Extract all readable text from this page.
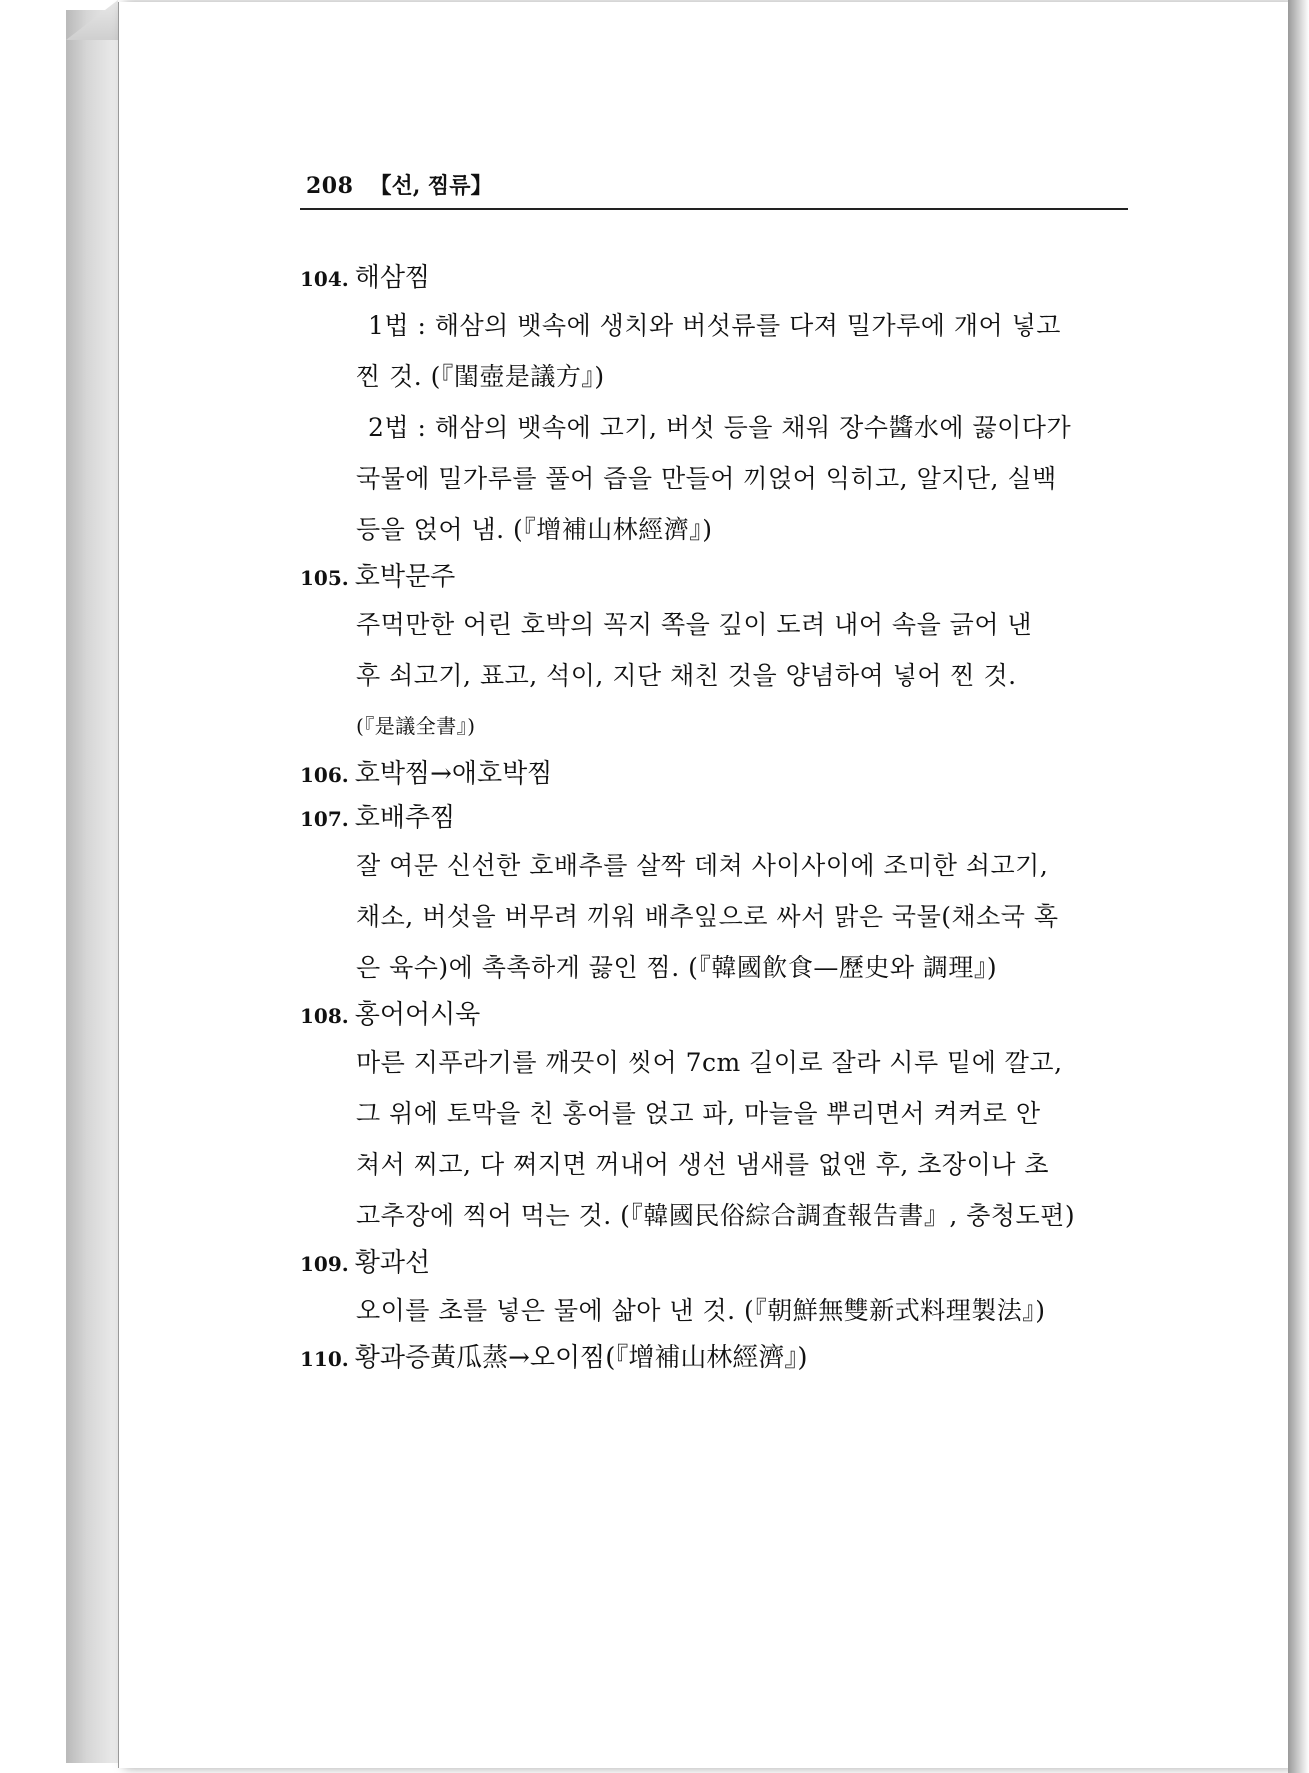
208 【선, 찜류】
104. 해삼찜
1법 : 해삼의 뱃속에 생치와 버섯류를 다져 밀가루에 개어 넣고
찐 것. (『閨壺是議方』)
2법 : 해삼의 뱃속에 고기, 버섯 등을 채워 장수醬水에 끓이다가
국물에 밀가루를 풀어 즙을 만들어 끼얹어 익히고, 알지단, 실백
등을 얹어 냄. (『增補山林經濟』)
105. 호박문주
주먹만한 어린 호박의 꼭지 쪽을 깊이 도려 내어 속을 긁어 낸
후 쇠고기, 표고, 석이, 지단 채친 것을 양념하여 넣어 찐 것.
(『是議全書』)
106. 호박찜→애호박찜
107. 호배추찜
잘 여문 신선한 호배추를 살짝 데쳐 사이사이에 조미한 쇠고기,
채소, 버섯을 버무려 끼워 배추잎으로 싸서 맑은 국물(채소국 혹
은 육수)에 촉촉하게 끓인 찜. (『韓國飮食—歷史와 調理』)
108. 홍어어시욱
마른 지푸라기를 깨끗이 씻어 7cm 길이로 잘라 시루 밑에 깔고,
그 위에 토막을 친 홍어를 얹고 파, 마늘을 뿌리면서 켜켜로 안
쳐서 찌고, 다 쪄지면 꺼내어 생선 냄새를 없앤 후, 초장이나 초
고추장에 찍어 먹는 것. (『韓國民俗綜合調査報告書』, 충청도편)
109. 황과선
오이를 초를 넣은 물에 삶아 낸 것. (『朝鮮無雙新式料理製法』)
110. 황과증黃瓜蒸→오이찜(『增補山林經濟』)
